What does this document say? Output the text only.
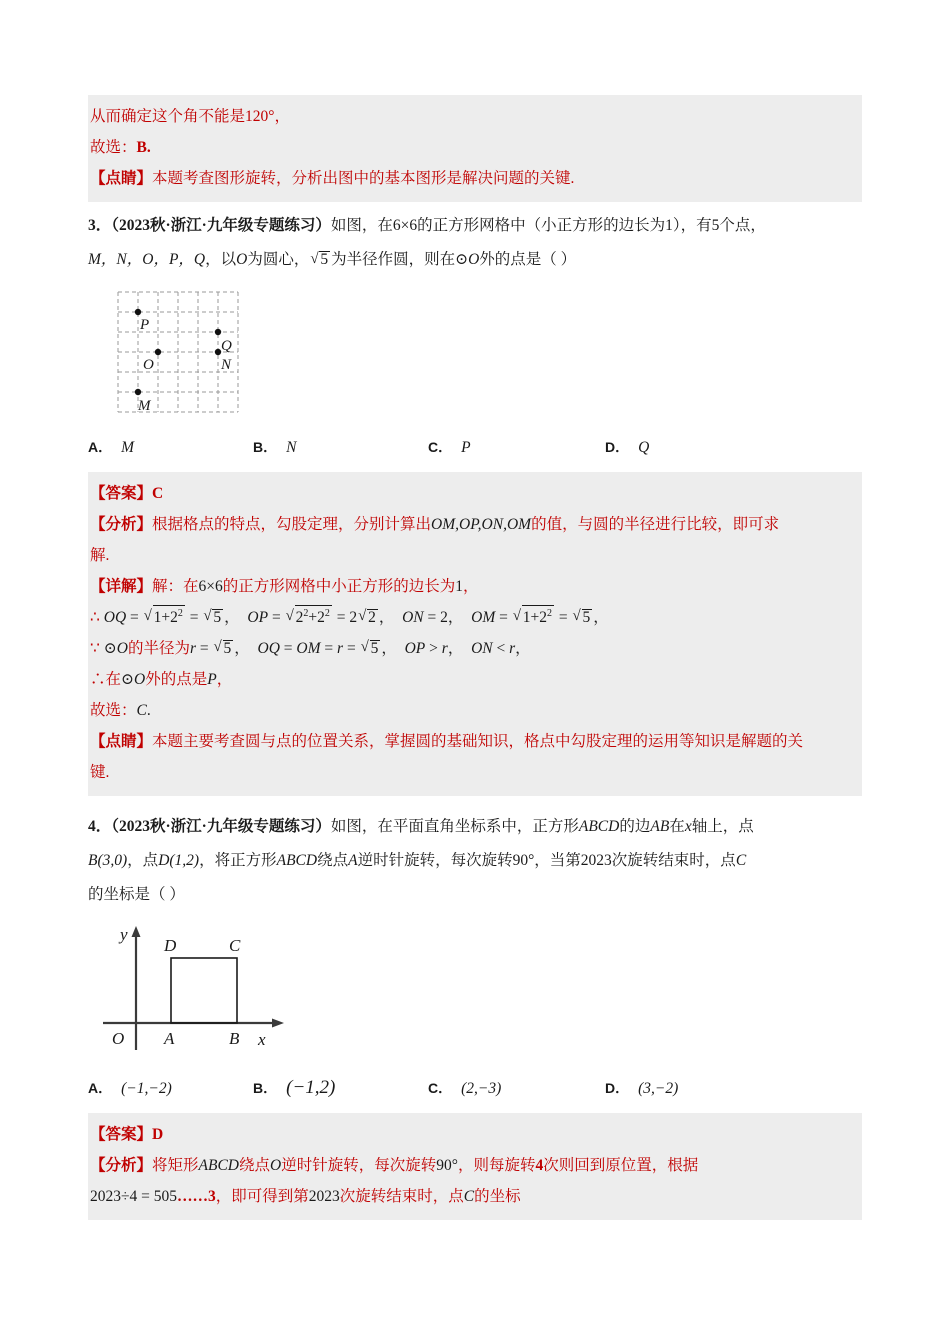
从而确定这个角不能是120°，
故选：B.
【点睛】本题考查图形旋转，分析出图中的基本图形是解决问题的关键.
3．（2023秋·浙江·九年级专题练习）如图，在6×6的正方形网格中（小正方形的边长为1），有5个点，
M，N，O，P，Q，以O为圆心， √ 5 为半径作圆，则在⊙O外的点是（ ）
P
Q
O	N
M
A． M	B． N	C． P	D． Q
【答案】C
【分析】根据格点的特点，勾股定理，分别计算出OM,OP,ON,OM的值，与圆的半径进行比较，即可求
解.
【详解】解：在6×6的正方形网格中小正方形的边长为1，
∴ OQ = √ $1+2^2$ = √ 5 ，  OP = √ $2^2+2^2 = 2$ √ 2 ，  ON = 2，  OM = √ $1+2^2$ = √ 5 ，
∵ ⊙O的半径为r = √ 5 ，  OQ = OM = r = √ 5 ，  OP > r，  ON < r，
∴在⊙O外的点是P，
故选：C.
【点睛】本题主要考查圆与点的位置关系，掌握圆的基础知识，格点中勾股定理的运用等知识是解题的关
键.
4．（2023秋·浙江·九年级专题练习）如图，在平面直角坐标系中，正方形ABCD的边AB在x轴上，点
B(3,0)，点D(1,2)，将正方形ABCD绕点A逆时针旋转，每次旋转90°，当第2023次旋转结束时，点C
的坐标是（ ）
O A	B
C
D
x
y
A． (−1,−2)	B． (−1,2)	C． (2,−3)	D． (3,−2)
【答案】D
【分析】将矩形ABCD绕点O逆时针旋转，每次旋转90°，则每旋转4次则回到原位置，根据
2023÷4 = 505……3，即可得到第2023次旋转结束时，点C的坐标
